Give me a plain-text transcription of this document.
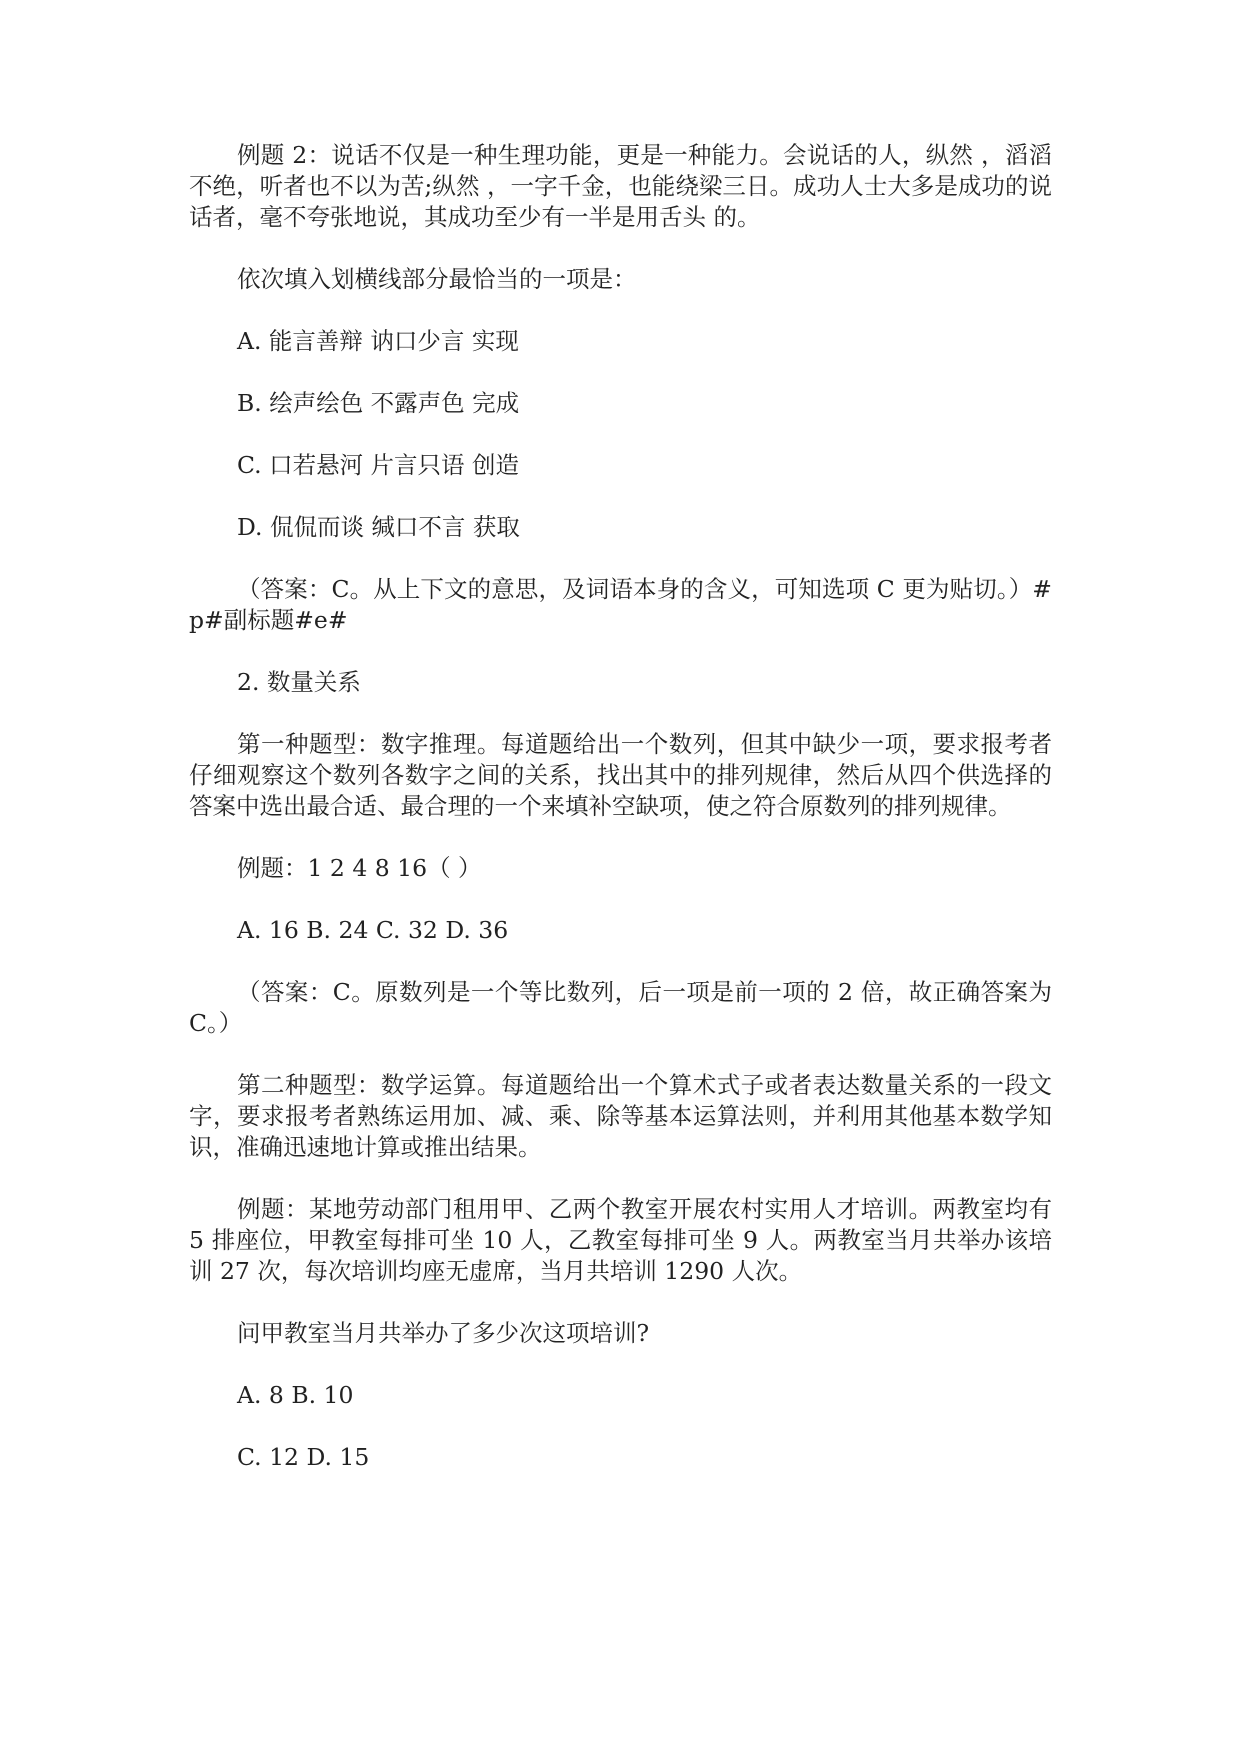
例题 2：说话不仅是一种生理功能，更是一种能力。会说话的人，纵然 ，滔滔不绝，听者也不以为苦;纵然 ，一字千金，也能绕梁三日。成功人士大多是成功的说话者，毫不夸张地说，其成功至少有一半是用舌头 的。

依次填入划横线部分最恰当的一项是：

A. 能言善辩 讷口少言 实现

B. 绘声绘色 不露声色 完成

C. 口若悬河 片言只语 创造

D. 侃侃而谈 缄口不言 获取

（答案：C。从上下文的意思，及词语本身的含义，可知选项 C 更为贴切。）#p#副标题#e#

2. 数量关系

第一种题型：数字推理。每道题给出一个数列，但其中缺少一项，要求报考者仔细观察这个数列各数字之间的关系，找出其中的排列规律，然后从四个供选择的答案中选出最合适、最合理的一个来填补空缺项，使之符合原数列的排列规律。

例题：1 2 4 8 16（ ）

A. 16 B. 24 C. 32 D. 36

（答案：C。原数列是一个等比数列，后一项是前一项的 2 倍，故正确答案为 C。）

第二种题型：数学运算。每道题给出一个算术式子或者表达数量关系的一段文字，要求报考者熟练运用加、减、乘、除等基本运算法则，并利用其他基本数学知识，准确迅速地计算或推出结果。

例题：某地劳动部门租用甲、乙两个教室开展农村实用人才培训。两教室均有 5 排座位，甲教室每排可坐 10 人，乙教室每排可坐 9 人。两教室当月共举办该培训 27 次，每次培训均座无虚席，当月共培训 1290 人次。

问甲教室当月共举办了多少次这项培训?

A. 8 B. 10

C. 12 D. 15
